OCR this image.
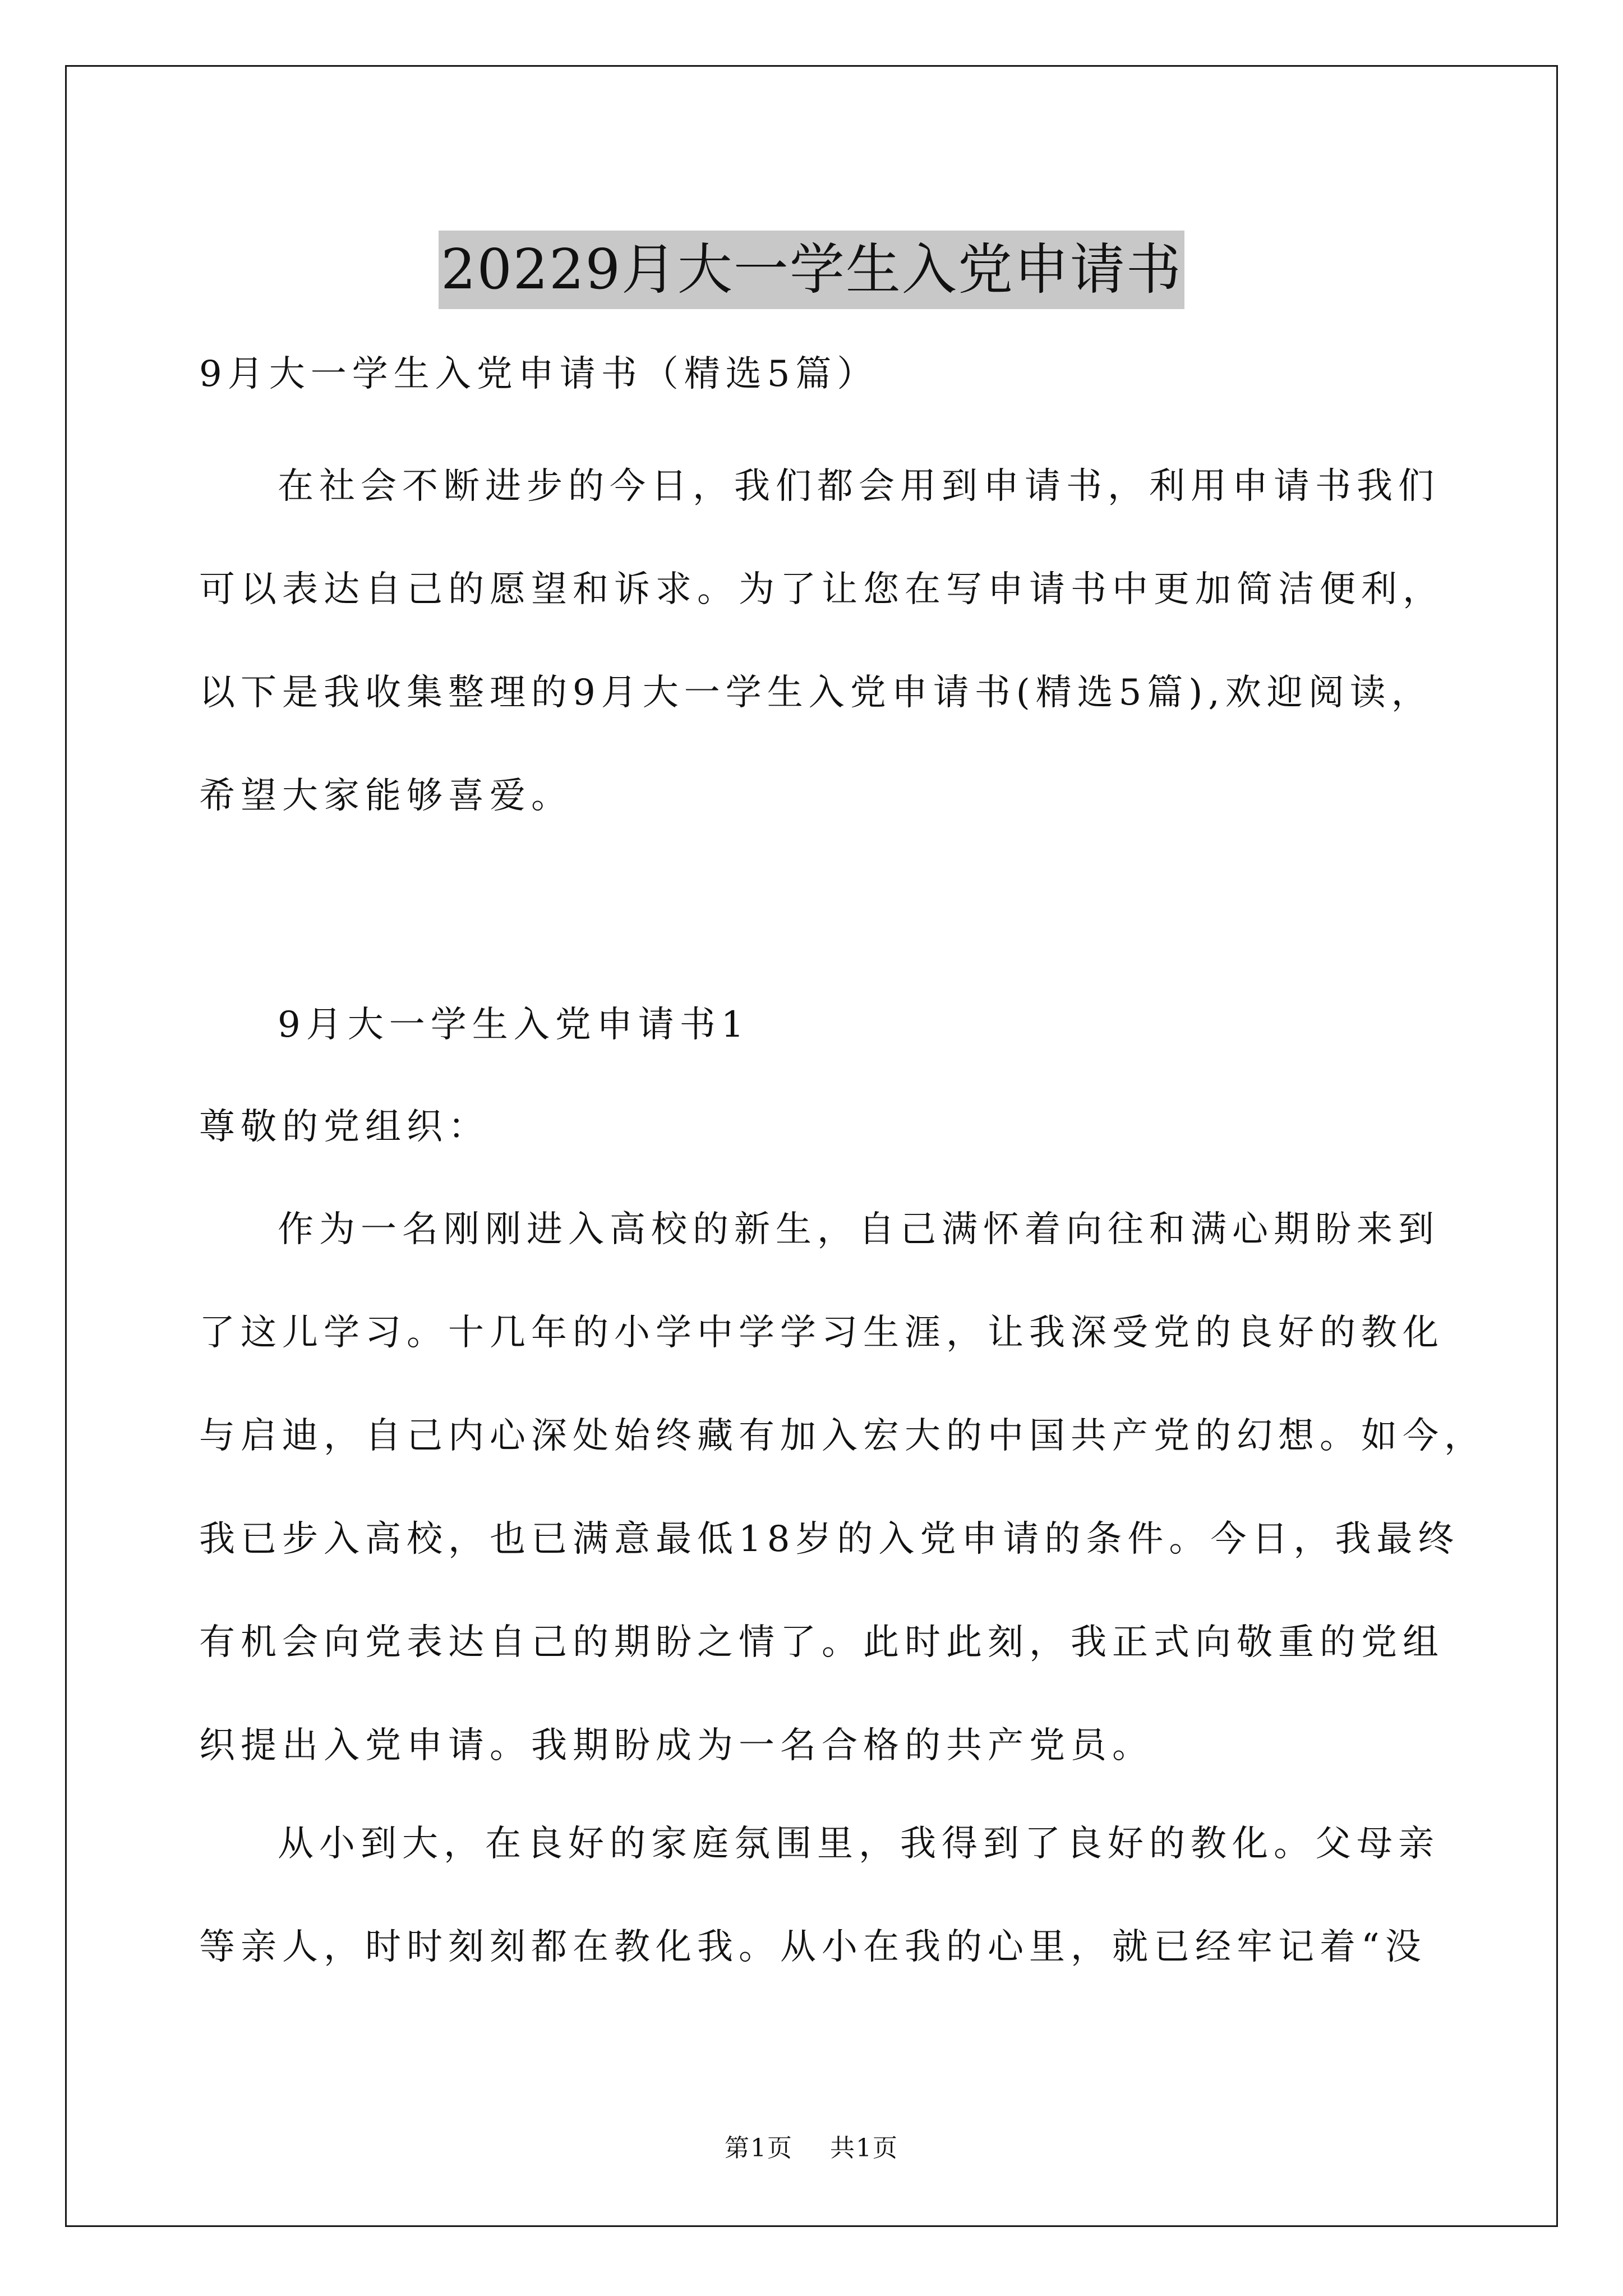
20229月大一学生入党申请书
9月大一学生入党申请书（精选5篇）
在社会不断进步的今日，我们都会用到申请书，利用申请书我们
可以表达自己的愿望和诉求。为了让您在写申请书中更加简洁便利，
以下是我收集整理的9月大一学生入党申请书(精选5篇),欢迎阅读，
希望大家能够喜爱。
9月大一学生入党申请书1
尊敬的党组织：
作为一名刚刚进入高校的新生，自己满怀着向往和满心期盼来到
了这儿学习。十几年的小学中学学习生涯，让我深受党的良好的教化
与启迪，自己内心深处始终藏有加入宏大的中国共产党的幻想。如今，
我已步入高校，也已满意最低18岁的入党申请的条件。今日，我最终
有机会向党表达自己的期盼之情了。此时此刻，我正式向敬重的党组
织提出入党申请。我期盼成为一名合格的共产党员。
从小到大，在良好的家庭氛围里，我得到了良好的教化。父母亲
等亲人，时时刻刻都在教化我。从小在我的心里，就已经牢记着“没
第1页 共1页
